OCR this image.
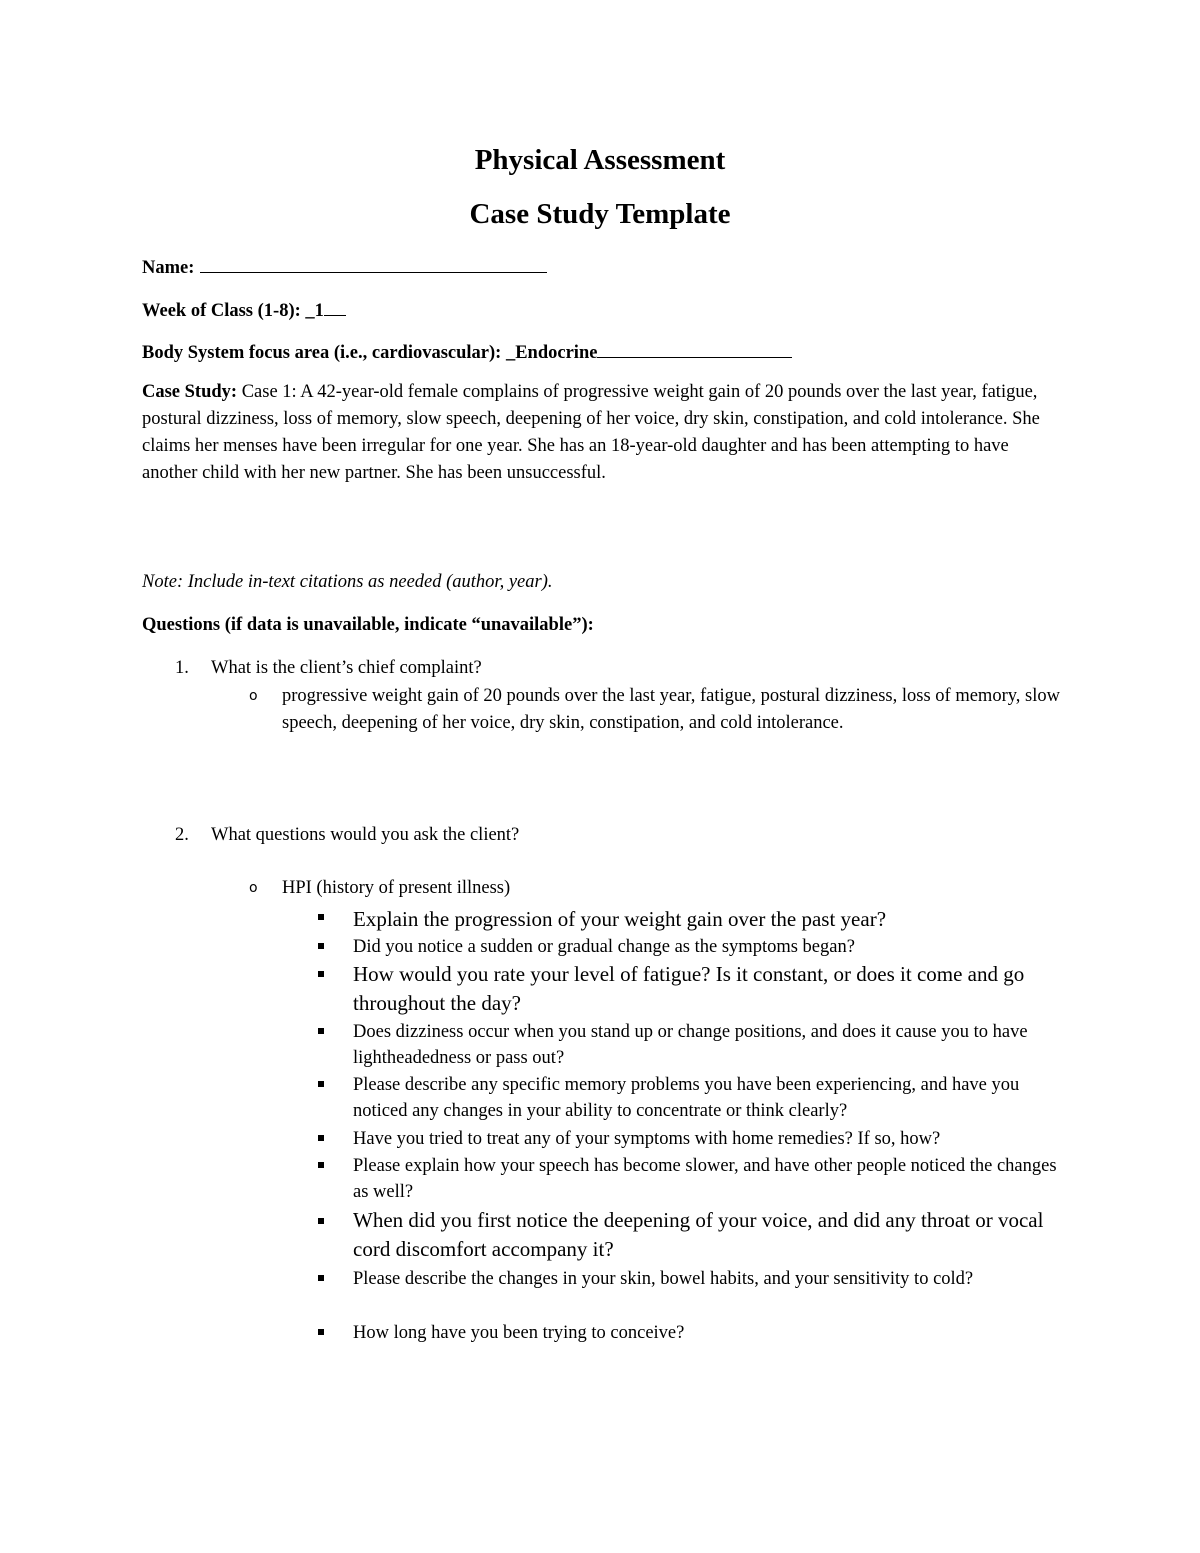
Physical Assessment
Case Study Template
Name:
Week of Class (1-8): _1
Body System focus area (i.e., cardiovascular): _Endocrine
Case Study: Case 1: A 42-year-old female complains of progressive weight gain of 20 pounds over the last year, fatigue, postural dizziness, loss of memory, slow speech, deepening of her voice, dry skin, constipation, and cold intolerance. She claims her menses have been irregular for one year. She has an 18-year-old daughter and has been attempting to have another child with her new partner. She has been unsuccessful.
Note: Include in-text citations as needed (author, year).
Questions (if data is unavailable, indicate “unavailable”):
1. What is the client’s chief complaint?
o progressive weight gain of 20 pounds over the last year, fatigue, postural dizziness, loss of memory, slow speech, deepening of her voice, dry skin, constipation, and cold intolerance.
2. What questions would you ask the client?
o HPI (history of present illness)
Explain the progression of your weight gain over the past year?
Did you notice a sudden or gradual change as the symptoms began?
How would you rate your level of fatigue? Is it constant, or does it come and go throughout the day?
Does dizziness occur when you stand up or change positions, and does it cause you to have lightheadedness or pass out?
Please describe any specific memory problems you have been experiencing, and have you noticed any changes in your ability to concentrate or think clearly?
Have you tried to treat any of your symptoms with home remedies? If so, how?
Please explain how your speech has become slower, and have other people noticed the changes as well?
When did you first notice the deepening of your voice, and did any throat or vocal cord discomfort accompany it?
Please describe the changes in your skin, bowel habits, and your sensitivity to cold?
How long have you been trying to conceive?
